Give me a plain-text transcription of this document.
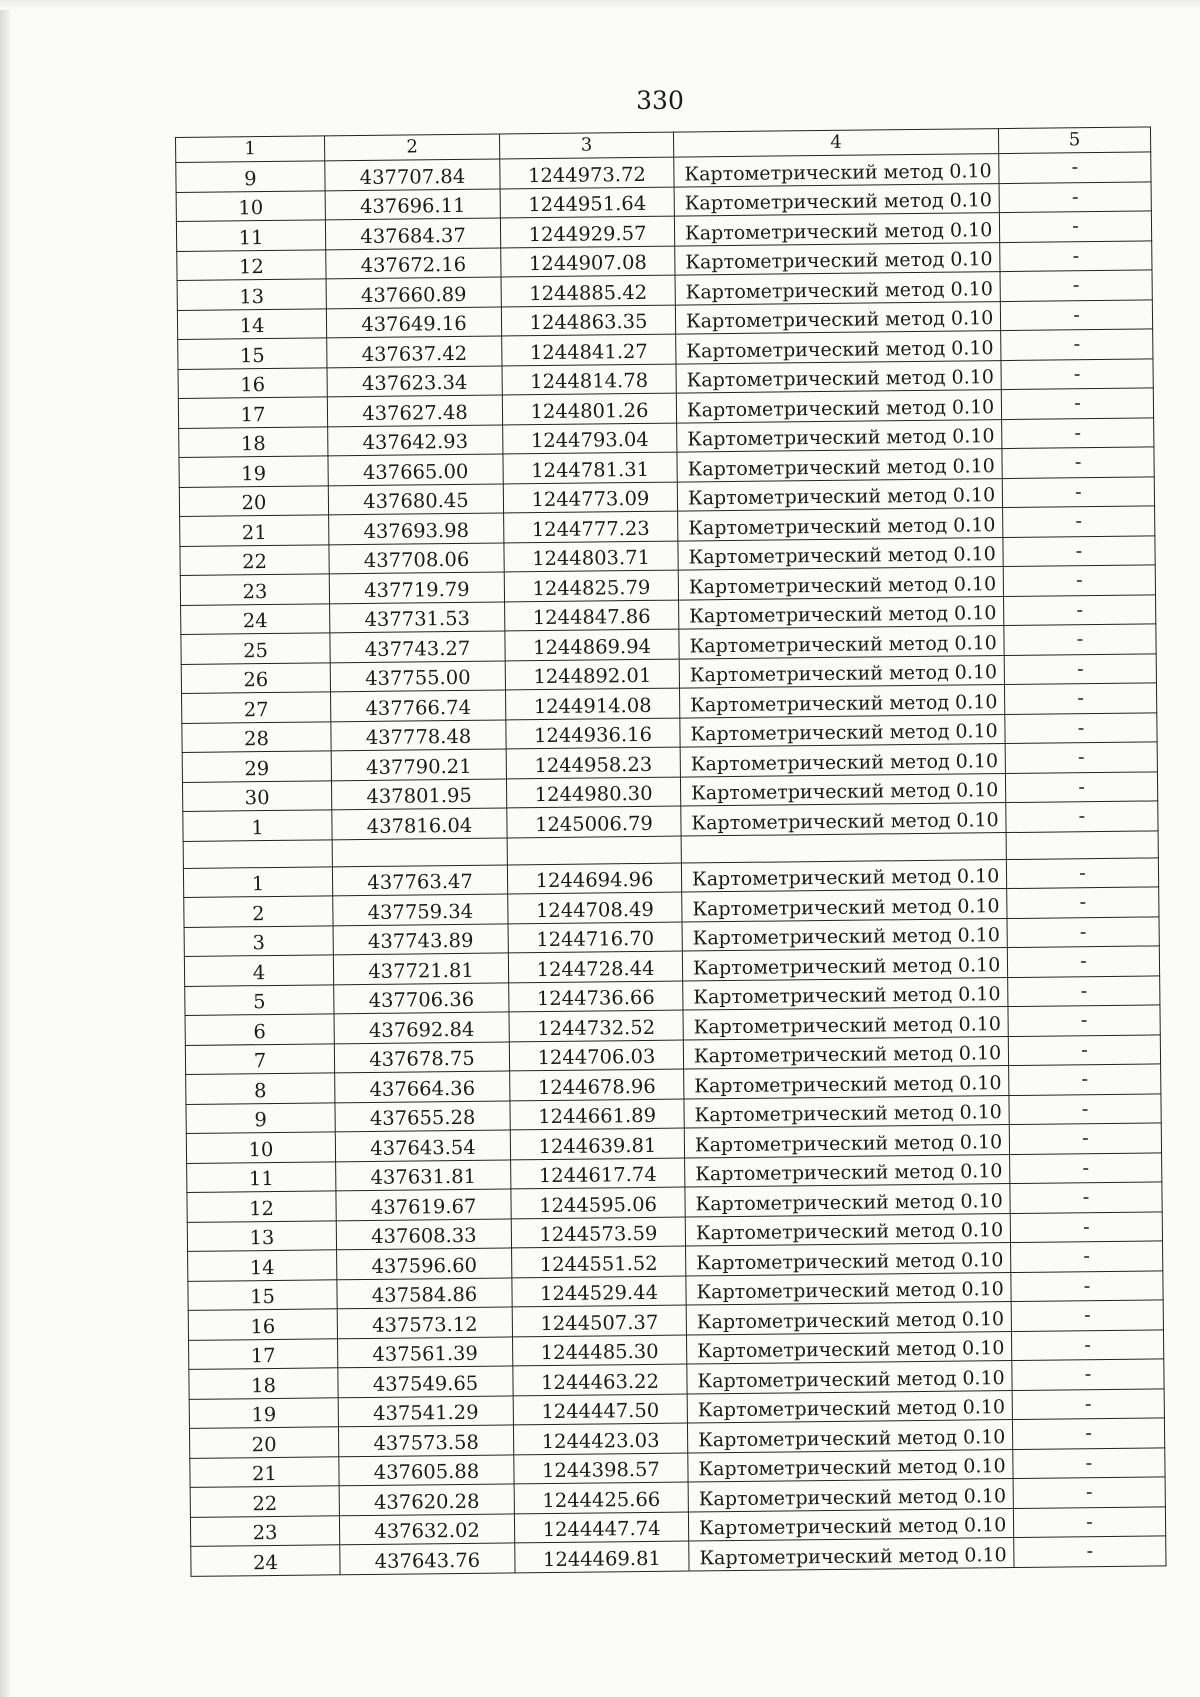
330
1	2	3	4	5
9	437707.84	1244973.72	Картометрический метод 0.10	-
10	437696.11	1244951.64	Картометрический метод 0.10	-
11	437684.37	1244929.57	Картометрический метод 0.10	-
12	437672.16	1244907.08	Картометрический метод 0.10	-
13	437660.89	1244885.42	Картометрический метод 0.10	-
14	437649.16	1244863.35	Картометрический метод 0.10	-
15	437637.42	1244841.27	Картометрический метод 0.10	-
16	437623.34	1244814.78	Картометрический метод 0.10	-
17	437627.48	1244801.26	Картометрический метод 0.10	-
18	437642.93	1244793.04	Картометрический метод 0.10	-
19	437665.00	1244781.31	Картометрический метод 0.10	-
20	437680.45	1244773.09	Картометрический метод 0.10	-
21	437693.98	1244777.23	Картометрический метод 0.10	-
22	437708.06	1244803.71	Картометрический метод 0.10	-
23	437719.79	1244825.79	Картометрический метод 0.10	-
24	437731.53	1244847.86	Картометрический метод 0.10	-
25	437743.27	1244869.94	Картометрический метод 0.10	-
26	437755.00	1244892.01	Картометрический метод 0.10	-
27	437766.74	1244914.08	Картометрический метод 0.10	-
28	437778.48	1244936.16	Картометрический метод 0.10	-
29	437790.21	1244958.23	Картометрический метод 0.10	-
30	437801.95	1244980.30	Картометрический метод 0.10	-
1	437816.04	1245006.79	Картометрический метод 0.10	-

1	437763.47	1244694.96	Картометрический метод 0.10	-
2	437759.34	1244708.49	Картометрический метод 0.10	-
3	437743.89	1244716.70	Картометрический метод 0.10	-
4	437721.81	1244728.44	Картометрический метод 0.10	-
5	437706.36	1244736.66	Картометрический метод 0.10	-
6	437692.84	1244732.52	Картометрический метод 0.10	-
7	437678.75	1244706.03	Картометрический метод 0.10	-
8	437664.36	1244678.96	Картометрический метод 0.10	-
9	437655.28	1244661.89	Картометрический метод 0.10	-
10	437643.54	1244639.81	Картометрический метод 0.10	-
11	437631.81	1244617.74	Картометрический метод 0.10	-
12	437619.67	1244595.06	Картометрический метод 0.10	-
13	437608.33	1244573.59	Картометрический метод 0.10	-
14	437596.60	1244551.52	Картометрический метод 0.10	-
15	437584.86	1244529.44	Картометрический метод 0.10	-
16	437573.12	1244507.37	Картометрический метод 0.10	-
17	437561.39	1244485.30	Картометрический метод 0.10	-
18	437549.65	1244463.22	Картометрический метод 0.10	-
19	437541.29	1244447.50	Картометрический метод 0.10	-
20	437573.58	1244423.03	Картометрический метод 0.10	-
21	437605.88	1244398.57	Картометрический метод 0.10	-
22	437620.28	1244425.66	Картометрический метод 0.10	-
23	437632.02	1244447.74	Картометрический метод 0.10	-
24	437643.76	1244469.81	Картометрический метод 0.10	-
